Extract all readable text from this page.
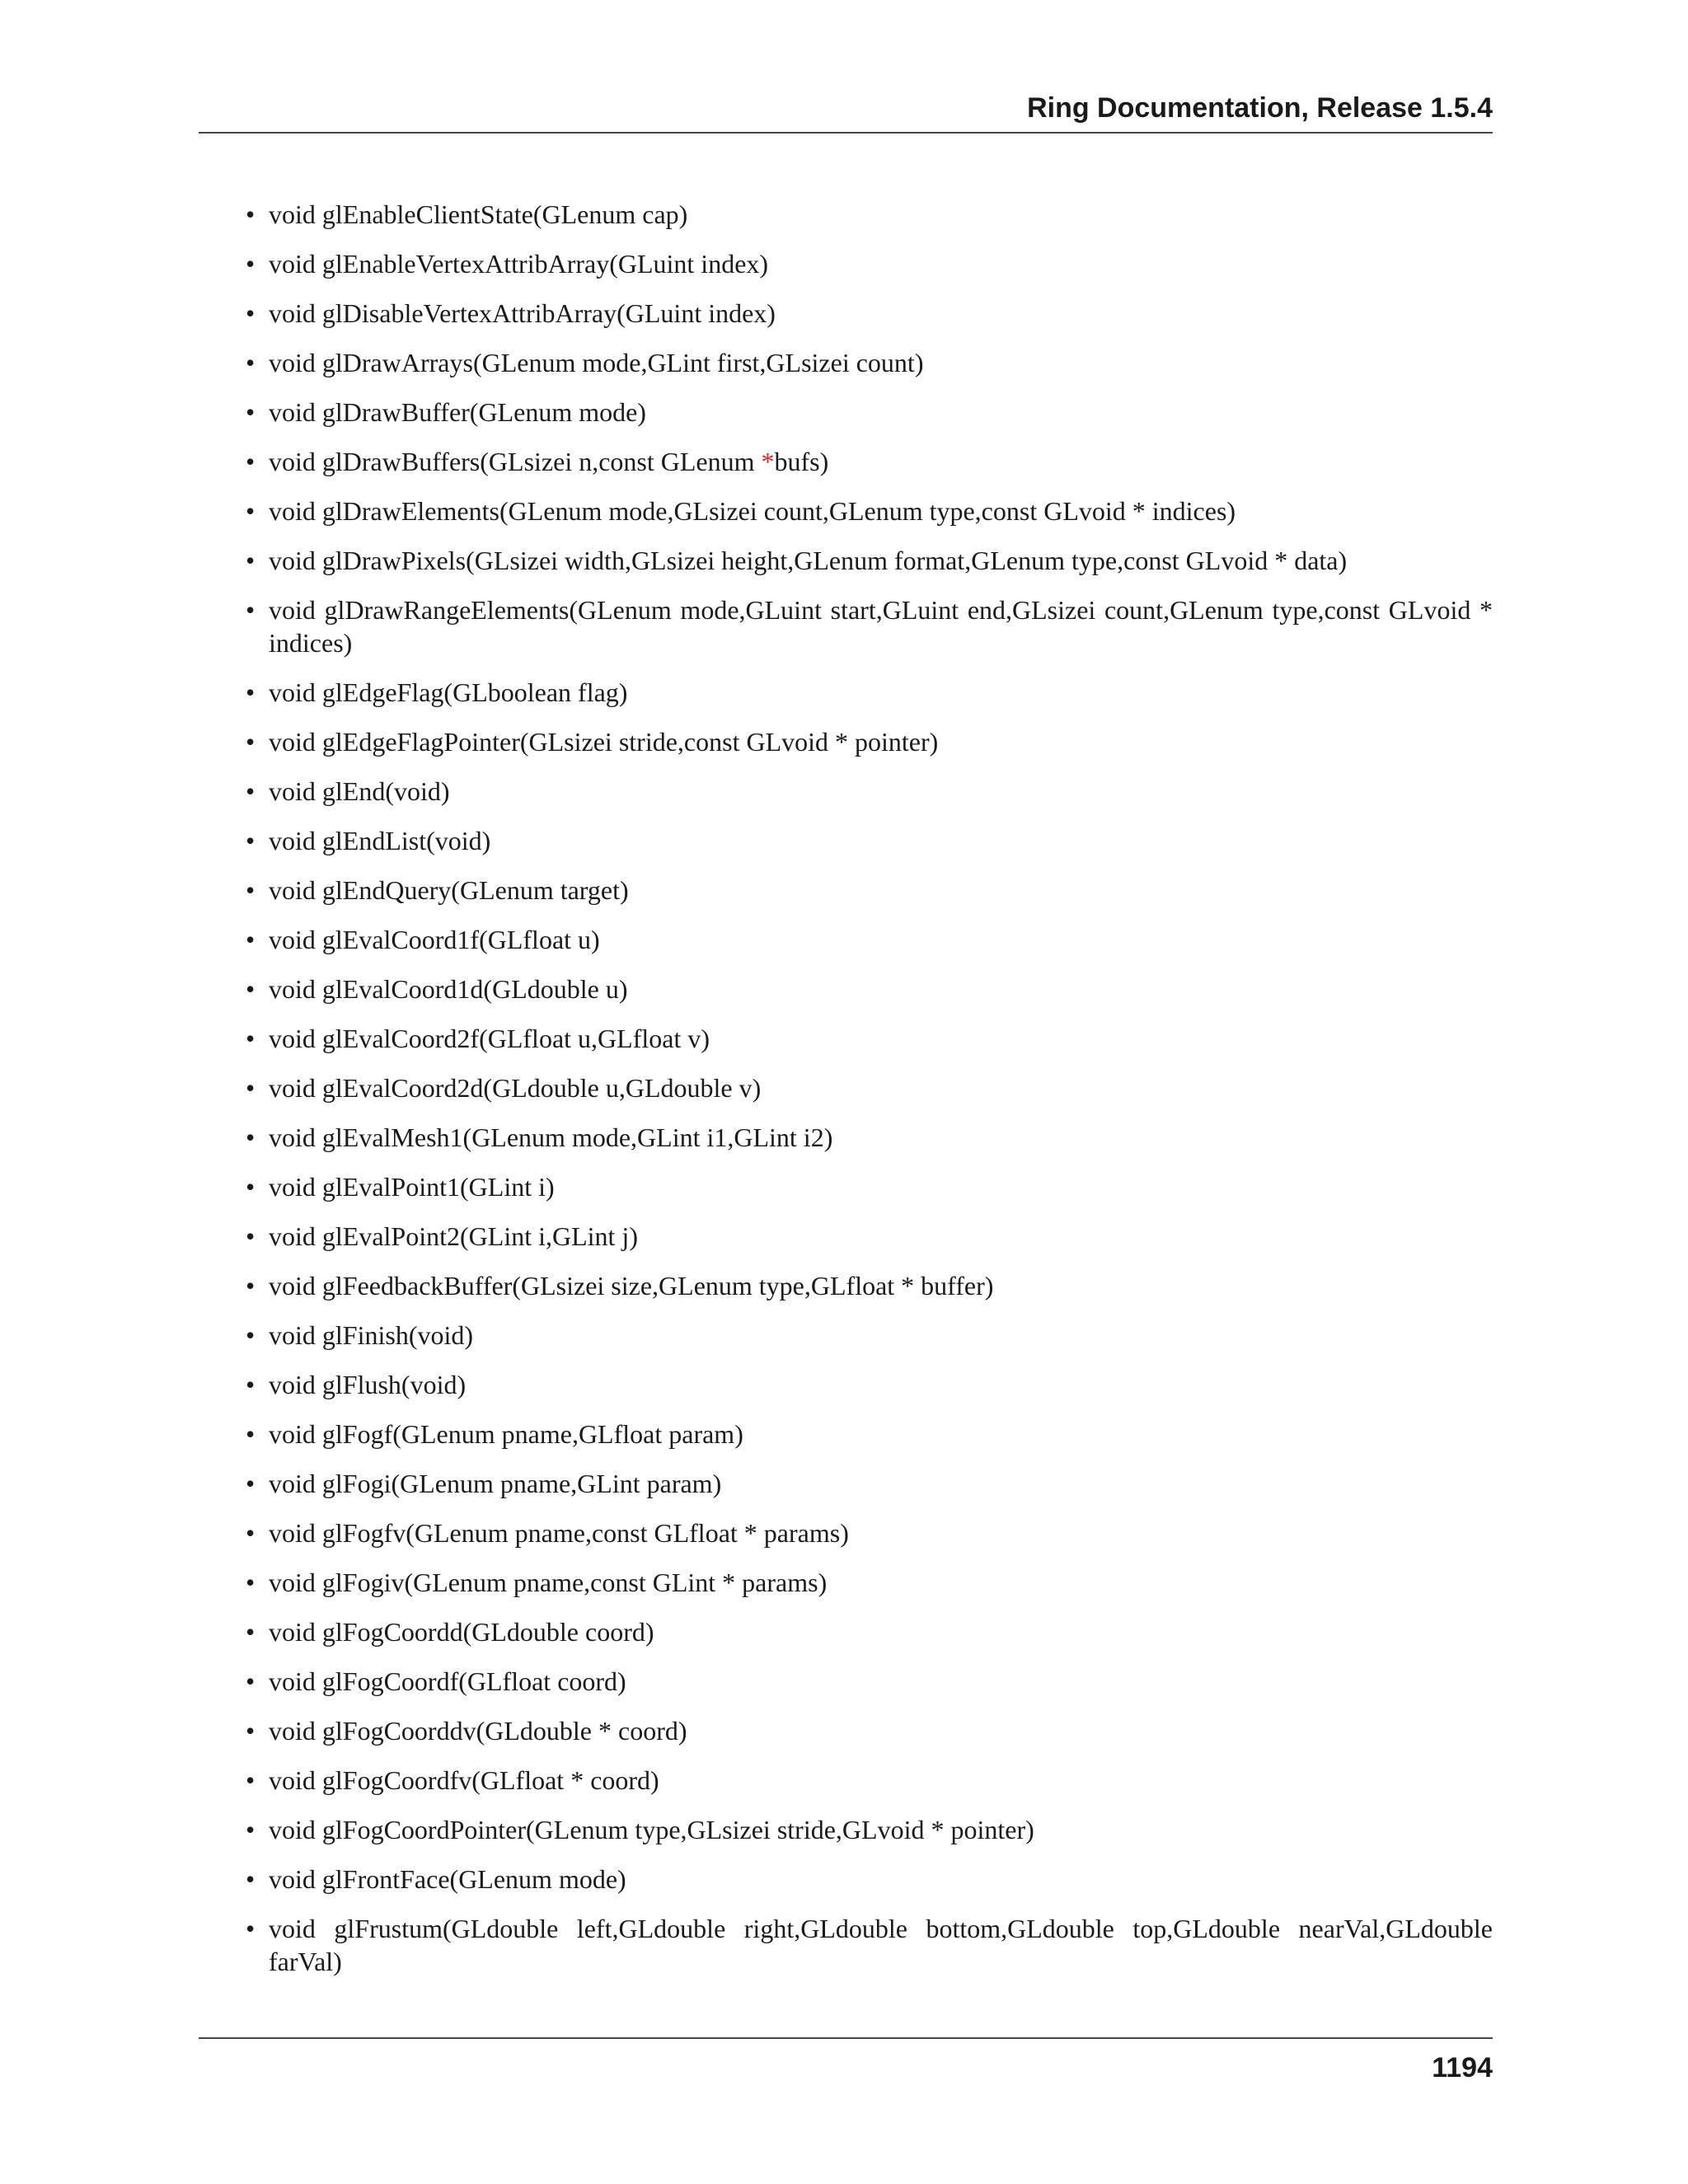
Ring Documentation, Release 1.5.4
• void glEnableClientState(GLenum cap)
• void glEnableVertexAttribArray(GLuint index)
• void glDisableVertexAttribArray(GLuint index)
• void glDrawArrays(GLenum mode,GLint first,GLsizei count)
• void glDrawBuffer(GLenum mode)
• void glDrawBuffers(GLsizei n,const GLenum *bufs)
• void glDrawElements(GLenum mode,GLsizei count,GLenum type,const GLvoid * indices)
• void glDrawPixels(GLsizei width,GLsizei height,GLenum format,GLenum type,const GLvoid * data)
• void glDrawRangeElements(GLenum mode,GLuint start,GLuint end,GLsizei count,GLenum type,const GLvoid * indices)
• void glEdgeFlag(GLboolean flag)
• void glEdgeFlagPointer(GLsizei stride,const GLvoid * pointer)
• void glEnd(void)
• void glEndList(void)
• void glEndQuery(GLenum target)
• void glEvalCoord1f(GLfloat u)
• void glEvalCoord1d(GLdouble u)
• void glEvalCoord2f(GLfloat u,GLfloat v)
• void glEvalCoord2d(GLdouble u,GLdouble v)
• void glEvalMesh1(GLenum mode,GLint i1,GLint i2)
• void glEvalPoint1(GLint i)
• void glEvalPoint2(GLint i,GLint j)
• void glFeedbackBuffer(GLsizei size,GLenum type,GLfloat * buffer)
• void glFinish(void)
• void glFlush(void)
• void glFogf(GLenum pname,GLfloat param)
• void glFogi(GLenum pname,GLint param)
• void glFogfv(GLenum pname,const GLfloat * params)
• void glFogiv(GLenum pname,const GLint * params)
• void glFogCoordd(GLdouble coord)
• void glFogCoordf(GLfloat coord)
• void glFogCoorddv(GLdouble * coord)
• void glFogCoordfv(GLfloat * coord)
• void glFogCoordPointer(GLenum type,GLsizei stride,GLvoid * pointer)
• void glFrontFace(GLenum mode)
• void glFrustum(GLdouble left,GLdouble right,GLdouble bottom,GLdouble top,GLdouble nearVal,GLdouble farVal)
1194
